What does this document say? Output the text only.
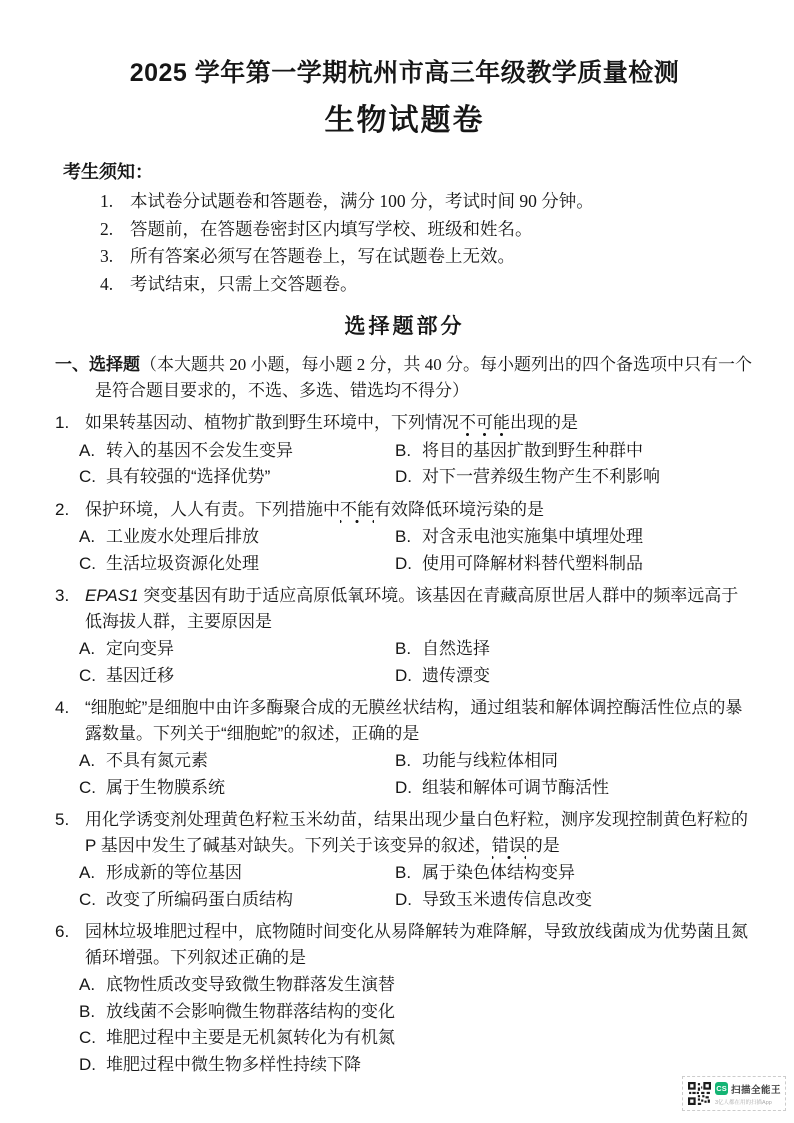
2025 学年第一学期杭州市高三年级教学质量检测
生物试题卷
考生须知：
1. 本试卷分试题卷和答题卷，满分 100 分，考试时间 90 分钟。
2. 答题前，在答题卷密封区内填写学校、班级和姓名。
3. 所有答案必须写在答题卷上，写在试题卷上无效。
4. 考试结束，只需上交答题卷。
选择题部分
一、选择题（本大题共 20 小题，每小题 2 分，共 40 分。每小题列出的四个备选项中只有一个是符合题目要求的，不选、多选、错选均不得分）
1. 如果转基因动、植物扩散到野生环境中，下列情况不可能出现的是
A. 转入的基因不会发生变异	B. 将目的基因扩散到野生种群中
C. 具有较强的“选择优势”	D. 对下一营养级生物产生不利影响
2. 保护环境，人人有责。下列措施中不能有效降低环境污染的是
A. 工业废水处理后排放	B. 对含汞电池实施集中填埋处理
C. 生活垃圾资源化处理	D. 使用可降解材料替代塑料制品
3. EPAS1 突变基因有助于适应高原低氧环境。该基因在青藏高原世居人群中的频率远高于低海拔人群，主要原因是
A. 定向变异	B. 自然选择
C. 基因迁移	D. 遗传漂变
4. “细胞蛇”是细胞中由许多酶聚合成的无膜丝状结构，通过组装和解体调控酶活性位点的暴露数量。下列关于“细胞蛇”的叙述，正确的是
A. 不具有氮元素	B. 功能与线粒体相同
C. 属于生物膜系统	D. 组装和解体可调节酶活性
5. 用化学诱变剂处理黄色籽粒玉米幼苗，结果出现少量白色籽粒，测序发现控制黄色籽粒的 P 基因中发生了碱基对缺失。下列关于该变异的叙述，错误的是
A. 形成新的等位基因	B. 属于染色体结构变异
C. 改变了所编码蛋白质结构	D. 导致玉米遗传信息改变
6. 园林垃圾堆肥过程中，底物随时间变化从易降解转为难降解，导致放线菌成为优势菌且氮循环增强。下列叙述正确的是
A. 底物性质改变导致微生物群落发生演替
B. 放线菌不会影响微生物群落结构的变化
C. 堆肥过程中主要是无机氮转化为有机氮
D. 堆肥过程中微生物多样性持续下降
CS 扫描全能王
3亿人都在用的扫描App
